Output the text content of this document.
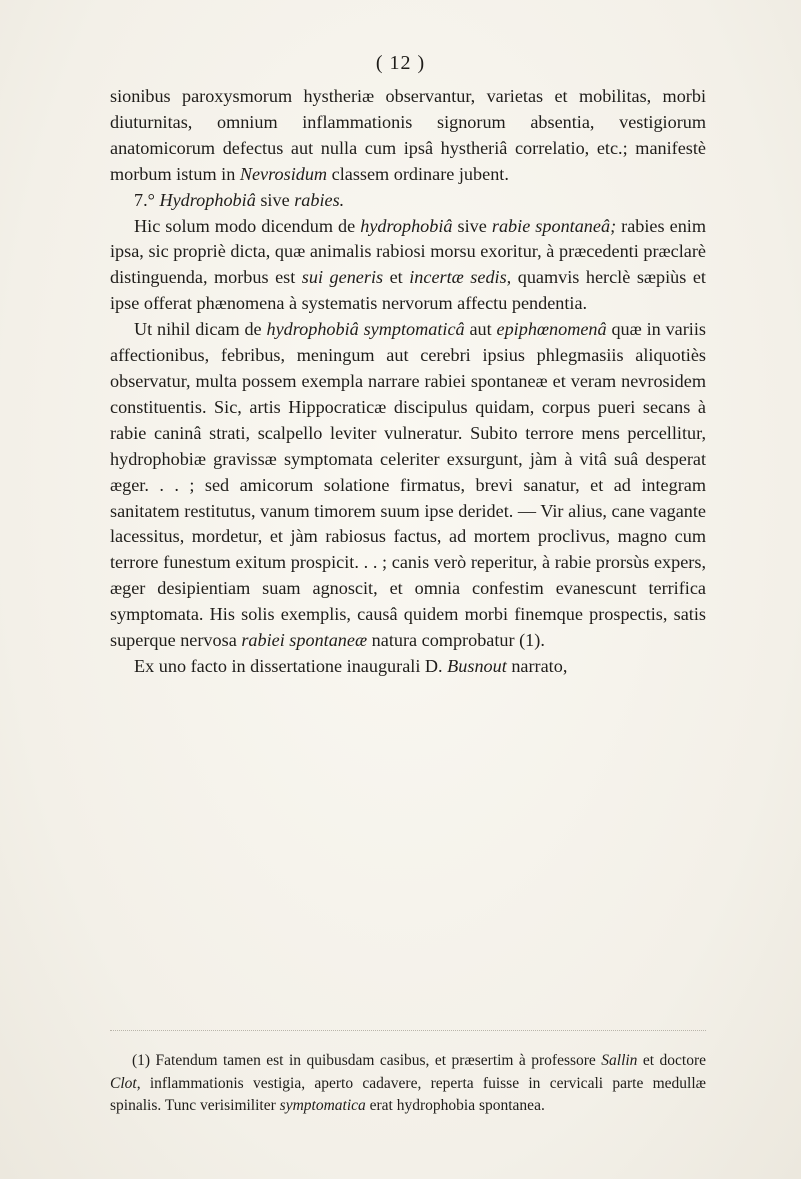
( 12 )

sionibus paroxysmorum hystheriæ observantur, varietas et mobilitas, morbi diuturnitas, omnium inflammationis signorum absentia, vestigiorum anatomicorum defectus aut nulla cum ipsâ hystheriâ correlatio, etc.; manifestè morbum istum in Nevrosidum classem ordinare jubent.

7.° Hydrophobiâ sive rabies.

Hic solum modo dicendum de hydrophobiâ sive rabie spontaneâ; rabies enim ipsa, sic propriè dicta, quæ animalis rabiosi morsu exoritur, à præcedenti præclarè distinguenda, morbus est sui generis et incertæ sedis, quamvis herclè sæpiùs et ipse offerat phænomena à systematis nervorum affectu pendentia.

Ut nihil dicam de hydrophobiâ symptomaticâ aut epiphœnomenâ quæ in variis affectionibus, febribus, meningum aut cerebri ipsius phlegmasiis aliquotiès observatur, multa possem exempla narrare rabiei spontaneæ et veram nevrosidem constituentis. Sic, artis Hippocraticæ discipulus quidam, corpus pueri secans à rabie caninâ strati, scalpello leviter vulneratur. Subito terrore mens percellitur, hydrophobiæ gravissæ symptomata celeriter exsurgunt, jàm à vitâ suâ desperat æger. . . ; sed amicorum solatione firmatus, brevi sanatur, et ad integram sanitatem restitutus, vanum timorem suum ipse deridet. — Vir alius, cane vagante lacessitus, mordetur, et jàm rabiosus factus, ad mortem proclivus, magno cum terrore funestum exitum prospicit. . . ; canis verò reperitur, à rabie prorsùs expers, æger desipientiam suam agnoscit, et omnia confestim evanescunt terrifica symptomata. His solis exemplis, causâ quidem morbi finemque prospectis, satis superque nervosa rabiei spontaneæ natura comprobatur (1).

Ex uno facto in dissertatione inaugurali D. Busnout narrato,

(1) Fatendum tamen est in quibusdam casibus, et præsertim à professore Sallin et doctore Clot, inflammationis vestigia, aperto cadavere, reperta fuisse in cervicali parte medullæ spinalis. Tunc verisimiliter symptomatica erat hydrophobia spontanea.
